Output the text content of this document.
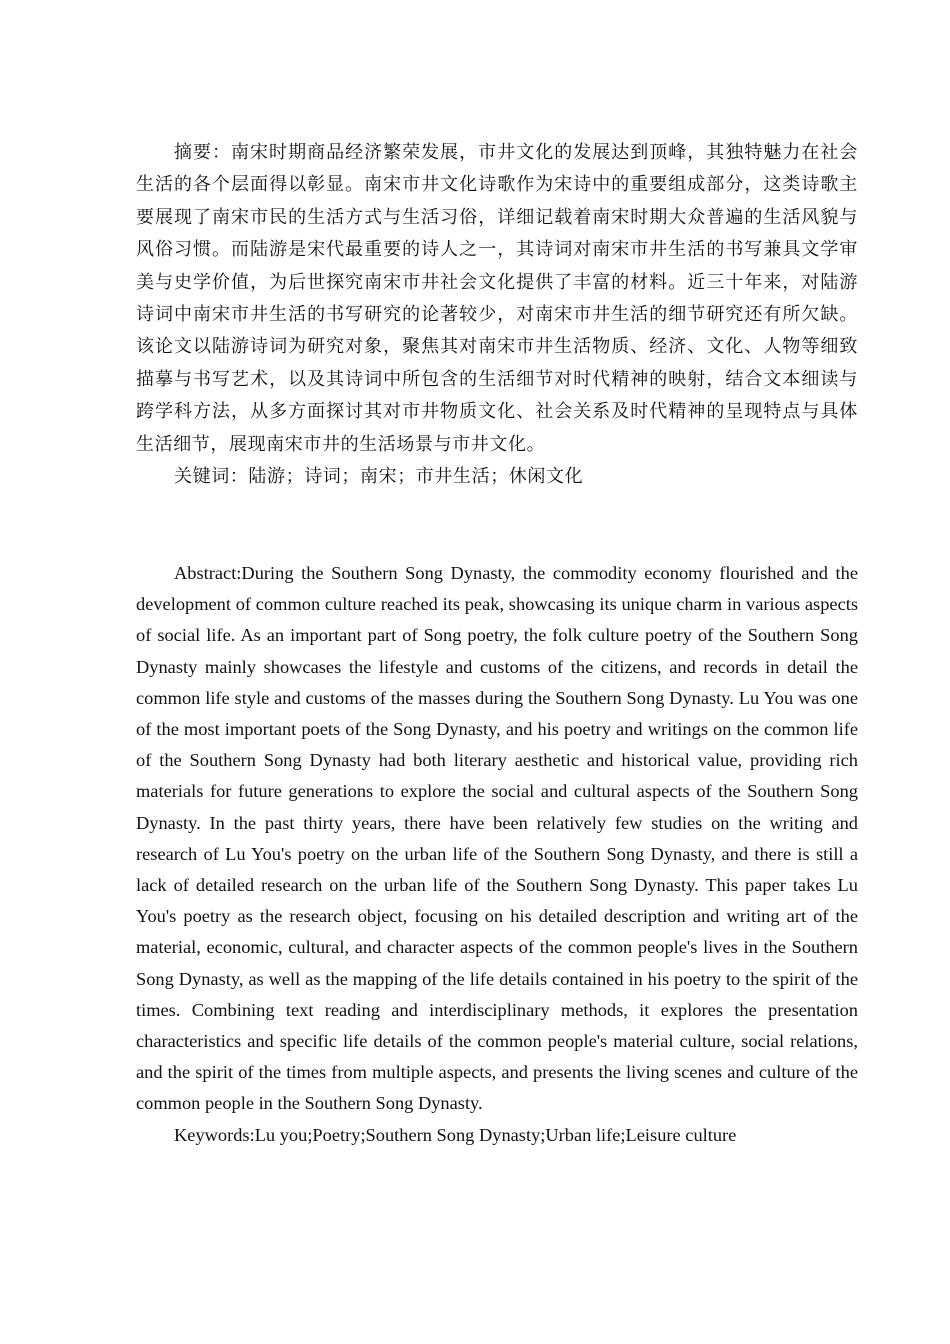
摘要：南宋时期商品经济繁荣发展，市井文化的发展达到顶峰，其独特魅力在社会生活的各个层面得以彰显。南宋市井文化诗歌作为宋诗中的重要组成部分，这类诗歌主要展现了南宋市民的生活方式与生活习俗，详细记载着南宋时期大众普遍的生活风貌与风俗习惯。而陆游是宋代最重要的诗人之一，其诗词对南宋市井生活的书写兼具文学审美与史学价值，为后世探究南宋市井社会文化提供了丰富的材料。近三十年来，对陆游诗词中南宋市井生活的书写研究的论著较少，对南宋市井生活的细节研究还有所欠缺。该论文以陆游诗词为研究对象，聚焦其对南宋市井生活物质、经济、文化、人物等细致描摹与书写艺术，以及其诗词中所包含的生活细节对时代精神的映射，结合文本细读与跨学科方法，从多方面探讨其对市井物质文化、社会关系及时代精神的呈现特点与具体生活细节，展现南宋市井的生活场景与市井文化。

关键词：陆游；诗词；南宋；市井生活；休闲文化

Abstract:During the Southern Song Dynasty, the commodity economy flourished and the development of common culture reached its peak, showcasing its unique charm in various aspects of social life. As an important part of Song poetry, the folk culture poetry of the Southern Song Dynasty mainly showcases the lifestyle and customs of the citizens, and records in detail the common life style and customs of the masses during the Southern Song Dynasty. Lu You was one of the most important poets of the Song Dynasty, and his poetry and writings on the common life of the Southern Song Dynasty had both literary aesthetic and historical value, providing rich materials for future generations to explore the social and cultural aspects of the Southern Song Dynasty. In the past thirty years, there have been relatively few studies on the writing and research of Lu You's poetry on the urban life of the Southern Song Dynasty, and there is still a lack of detailed research on the urban life of the Southern Song Dynasty. This paper takes Lu You's poetry as the research object, focusing on his detailed description and writing art of the material, economic, cultural, and character aspects of the common people's lives in the Southern Song Dynasty, as well as the mapping of the life details contained in his poetry to the spirit of the times. Combining text reading and interdisciplinary methods, it explores the presentation characteristics and specific life details of the common people's material culture, social relations, and the spirit of the times from multiple aspects, and presents the living scenes and culture of the common people in the Southern Song Dynasty.

Keywords:Lu you;Poetry;Southern Song Dynasty;Urban life;Leisure culture
